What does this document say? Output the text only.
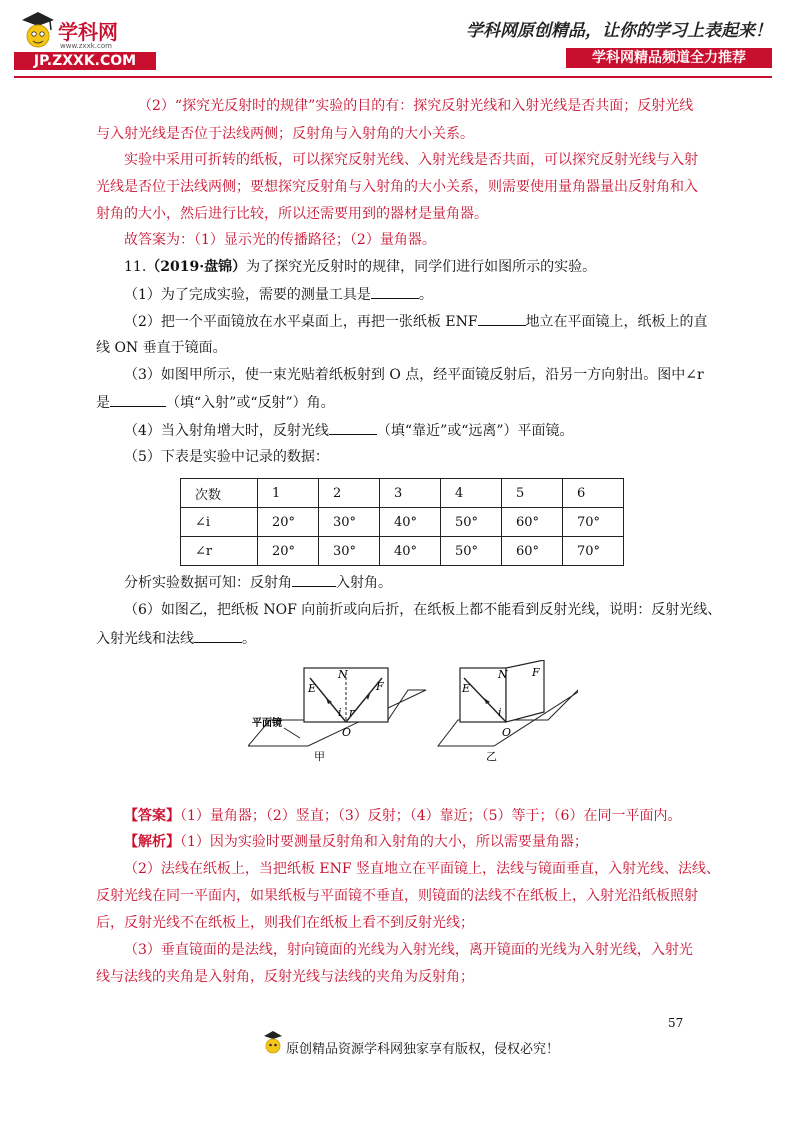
学科网
www.zxxk.com
JP.ZXXK.COM
学科网原创精品，让你的学习上表起来！
学科网精品频道全力推荐
（2）“探究光反射时的规律”实验的目的有：探究反射光线和入射光线是否共面；反射光线
与入射光线是否位于法线两侧；反射角与入射角的大小关系。
实验中采用可折转的纸板，可以探究反射光线、入射光线是否共面，可以探究反射光线与入射
光线是否位于法线两侧；要想探究反射角与入射角的大小关系，则需要使用量角器量出反射角和入
射角的大小，然后进行比较，所以还需要用到的器材是量角器。
故答案为：（1）显示光的传播路径；（2）量角器。
11.（2019·盘锦）为了探究光反射时的规律，同学们进行如图所示的实验。
（1）为了完成实验，需要的测量工具是	。
（2）把一个平面镜放在水平桌面上，再把一张纸板 ENF	地立在平面镜上，纸板上的直
线 ON 垂直于镜面。
（3）如图甲所示，使一束光贴着纸板射到 O 点，经平面镜反射后，沿另一方向射出。图中∠r
是	（填“入射”或“反射”）角。
（4）当入射角增大时，反射光线	（填“靠近”或“远离”）平面镜。
（5）下表是实验中记录的数据：
次数	1	2	3	4	5	6
∠i	20°	30°	40°	50°	60°	70°
∠r	20°	30°	40°	50°	60°	70°
分析实验数据可知：反射角	入射角。
（6）如图乙，把纸板 NOF 向前折或向后折，在纸板上都不能看到反射光线，说明：反射光线、
入射光线和法线	。
E
N
F
i r
O
平面镜
甲
E
N F
i
O
乙
【答案】（1）量角器；（2）竖直；（3）反射；（4）靠近；（5）等于；（6）在同一平面内。
【解析】（1）因为实验时要测量反射角和入射角的大小，所以需要量角器；
（2）法线在纸板上，当把纸板 ENF 竖直地立在平面镜上，法线与镜面垂直，入射光线、法线、
反射光线在同一平面内，如果纸板与平面镜不垂直，则镜面的法线不在纸板上，入射光沿纸板照射
后，反射光线不在纸板上，则我们在纸板上看不到反射光线；
（3）垂直镜面的是法线，射向镜面的光线为入射光线，离开镜面的光线为入射光线，入射光
线与法线的夹角是入射角，反射光线与法线的夹角为反射角；
57
原创精品资源学科网独家享有版权，侵权必究！
